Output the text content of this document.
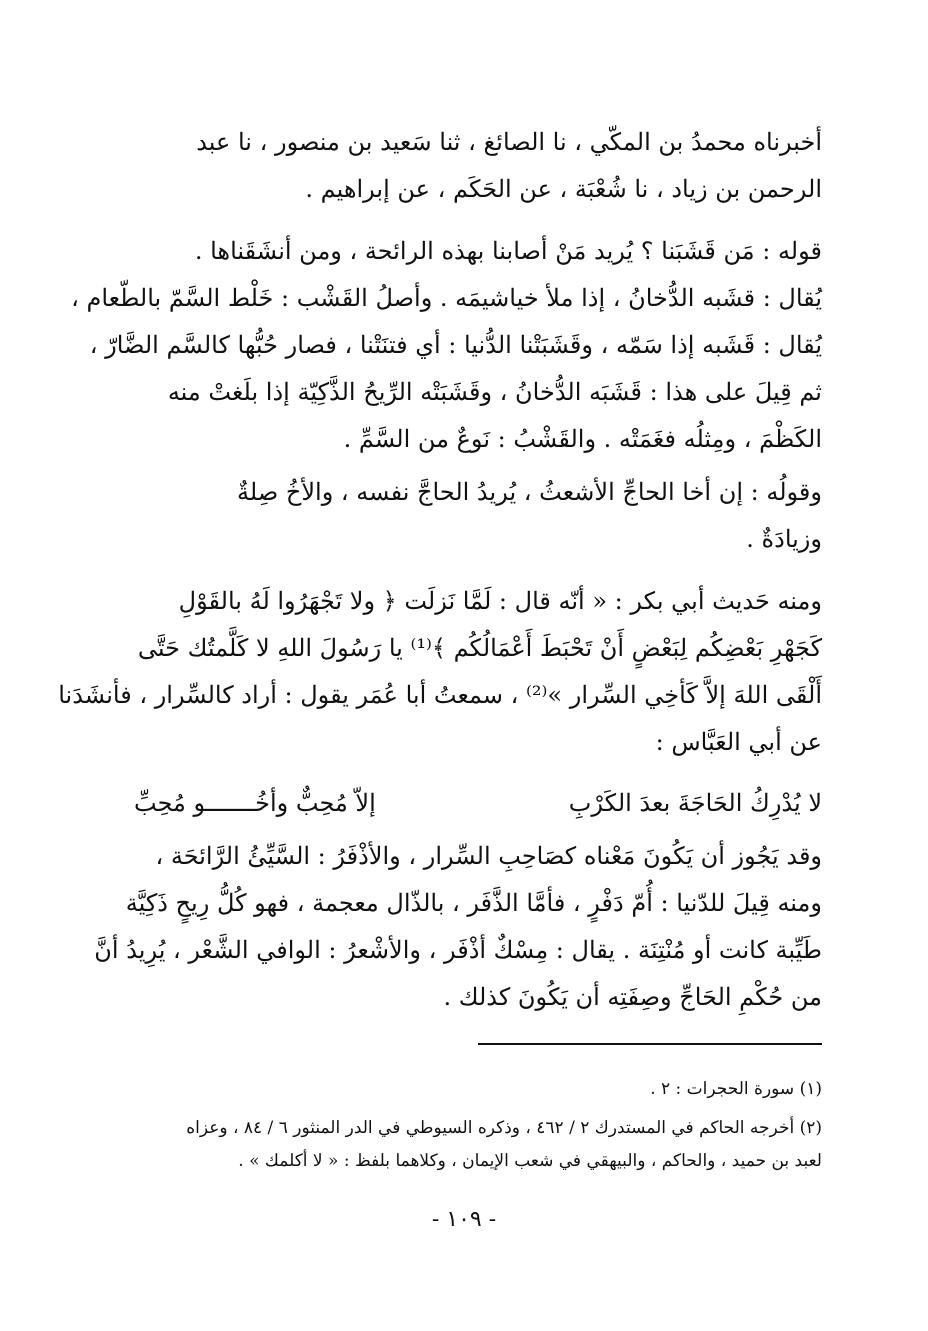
أخبرناه محمدُ بن المكّي ، نا الصائغ ، ثنا سَعيد بن منصور ، نا عبد
الرحمن بن زياد ، نا شُعْبَة ، عن الحَكَم ، عن إبراهيم .
قوله : مَن قَشَبَنا ؟ يُريد مَنْ أصابنا بهذه الرائحة ، ومن أنشَقَناها .
يُقال : قشَبه الدُّخانُ ، إذا ملأ خياشيمَه . وأصلُ القَشْب : خَلْط السَّمّ بالطّعام ،
يُقال : قَشَبه إذا سَمّه ، وقَشَبَتْنا الدُّنيا : أي فتنَتْنا ، فصار حُبُّها كالسَّم الضَّارّ ،
ثم قِيلَ على هذا : قَشَبَه الدُّخانُ ، وقَشَبَتْه الرِّيحُ الذَّكِيّة إذا بلَغتْ منه
الكَظْمَ ، ومِثلُه فغَمَتْه . والقَشْبُ : نَوعٌ من السَّمِّ .
وقولُه : إن أخا الحاجِّ الأشعثُ ، يُريدُ الحاجَّ نفسه ، والأخُ صِلةٌ
وزيادَةٌ .
ومنه حَديث أبي بكر : « أنّه قال : لَمَّا نَزلَت ﴿ ولا تَجْهَرُوا لَهُ بالقَوْلِ
كَجَهْرِ بَعْضِكُم لِبَعْضٍ أَنْ تَحْبَطَ أَعْمَالُكُم ﴾⁽¹⁾ يا رَسُولَ اللهِ لا كَلَّمتُك حَتَّى
أَلْقَى اللهَ إلاَّ كَأخِي السِّرار »⁽²⁾ ، سمعتُ أبا عُمَر يقول : أراد كالسِّرار ، فأنشَدَنا
عن أبي العَبَّاس :
لا يُدْرِكُ الحَاجَةَ بعدَ الكَرْبِ
إلاّ مُحِبٌّ وأخُـــــــو مُحِبِّ
وقد يَجُوز أن يَكُونَ مَعْناه كصَاحِبِ السِّرار ، والأذْفَرُ : السَّيِّئُ الرَّائحَة ،
ومنه قِيلَ للدّنيا : أُمّ دَفْرٍ ، فأمَّا الذَّفَر ، بالذّال معجمة ، فهو كُلُّ رِيحٍ ذَكِيَّة
طَيِّبة كانت أو مُنْتِنَة . يقال : مِسْكٌ أذْفَر ، والأشْعرُ : الوافي الشَّعْر ، يُرِيدُ أنَّ
من حُكْمِ الحَاجِّ وصِفَتِه أن يَكُونَ كذلك .
(١) سورة الحجرات : ٢ .
(٢) أخرجه الحاكم في المستدرك ٢ / ٤٦٢ ، وذكره السيوطي في الدر المنثور ٦ / ٨٤ ، وعزاه
لعبد بن حميد ، والحاكم ، والبيهقي في شعب الإيمان ، وكلاهما بلفظ : « لا أكلمك » .
- ١٠٩ -
